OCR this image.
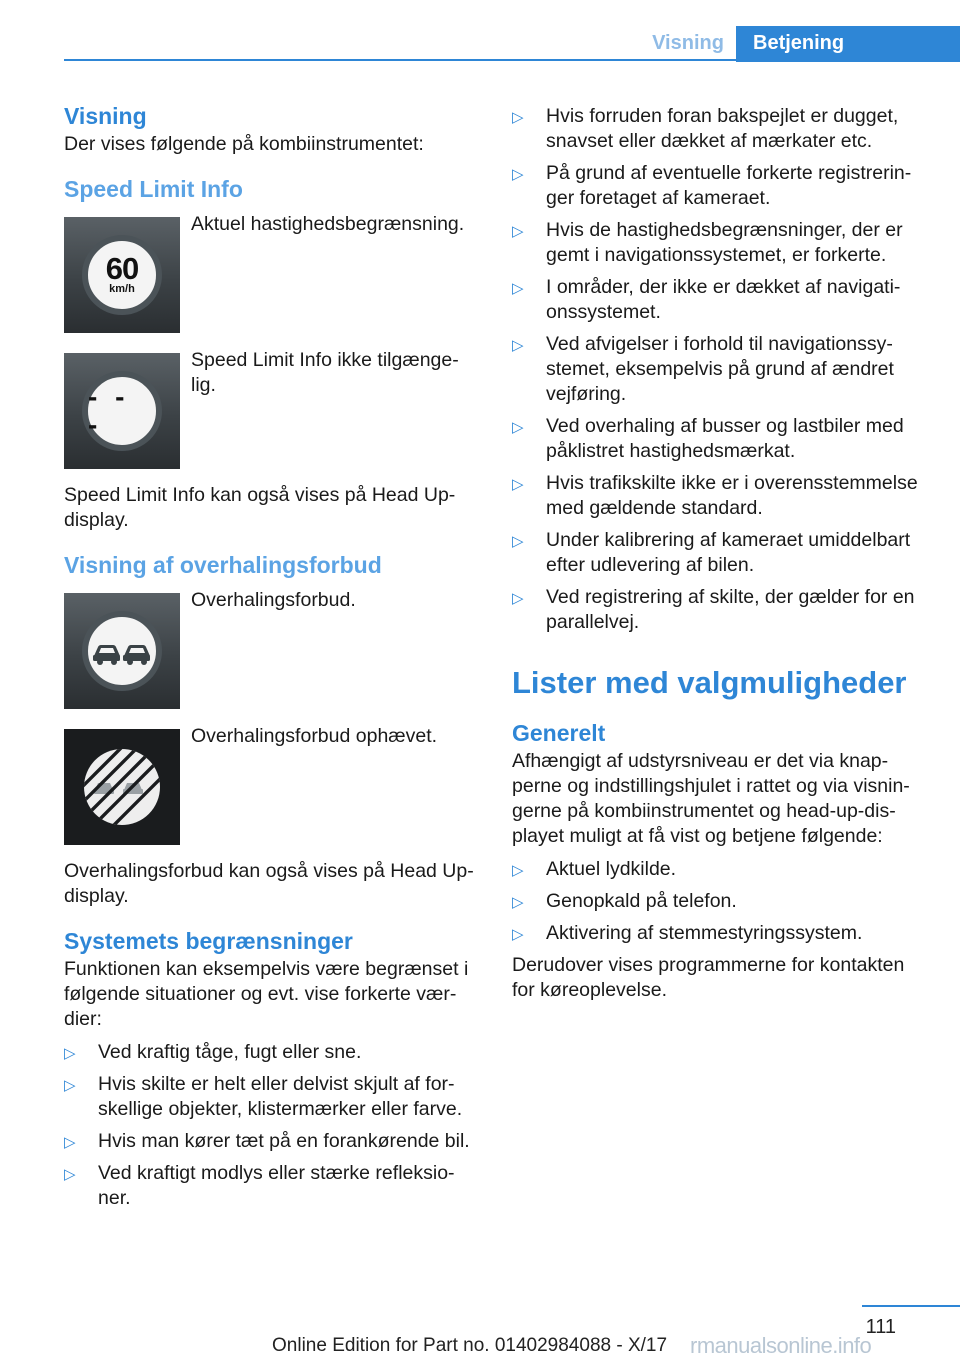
Visning	Betjening
Visning

Der vises følgende på kombiinstrumentet:

Speed Limit Info
60
km/h

Aktuel hastighedsbegrænsning.

- - -

Speed Limit Info ikke tilgænge-lig.

Speed Limit Info kan også vises på Head Up-display.

Visning af overhalingsforbud

Overhalingsforbud.

Overhalingsforbud ophævet.

Overhalingsforbud kan også vises på Head Up-display.

Systemets begrænsninger

Funktionen kan eksempelvis være begrænset i følgende situationer og evt. vise forkerte vær-dier:

▷ Ved kraftig tåge, fugt eller sne.
▷ Hvis skilte er helt eller delvist skjult af for-skellige objekter, klistermærker eller farve.
▷ Hvis man kører tæt på en forankørende bil.
▷ Ved kraftigt modlys eller stærke refleksio-ner.
▷ Hvis forruden foran bakspejlet er dugget, snavset eller dækket af mærkater etc.
▷ På grund af eventuelle forkerte registrerin-ger foretaget af kameraet.
▷ Hvis de hastighedsbegrænsninger, der er gemt i navigationssystemet, er forkerte.
▷ I områder, der ikke er dækket af navigati-onssystemet.
▷ Ved afvigelser i forhold til navigationssy-stemet, eksempelvis på grund af ændret vejføring.
▷ Ved overhaling af busser og lastbiler med påklistret hastighedsmærkat.
▷ Hvis trafikskilte ikke er i overensstemmelse med gældende standard.
▷ Under kalibrering af kameraet umiddelbart efter udlevering af bilen.
▷ Ved registrering af skilte, der gælder for en parallelvej.
Lister med valgmuligheder
Generelt

Afhængigt af udstyrsniveau er det via knap-perne og indstillingshjulet i rattet og via visnin-gerne på kombiinstrumentet og head-up-dis-playet muligt at få vist og betjene følgende:

▷ Aktuel lydkilde.
▷ Genopkald på telefon.
▷ Aktivering af stemmestyringssystem.

Derudover vises programmerne for kontakten for køreoplevelse.

111
Online Edition for Part no. 01402984088 - X/17 rmanualsonline.info
